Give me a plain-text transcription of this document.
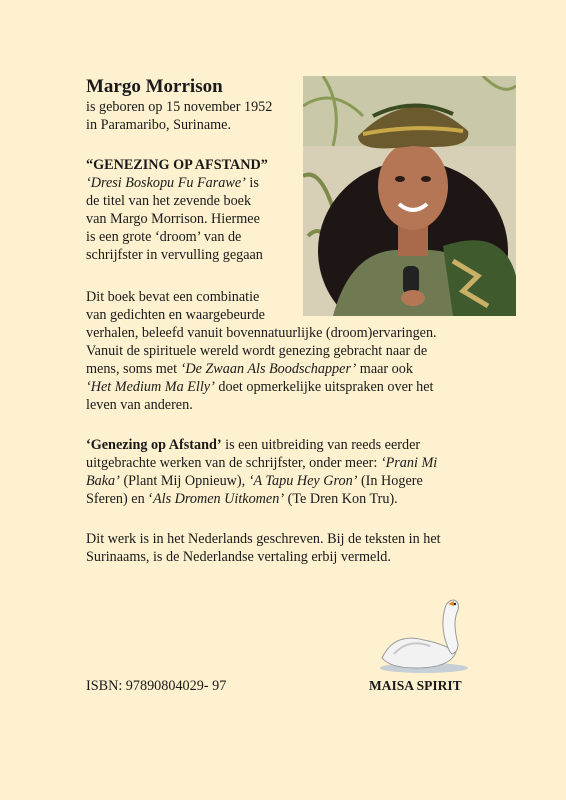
Margo Morrison

is geboren op 15 november 1952

in Paramaribo, Suriname.

“GENEZING OP AFSTAND”

‘Dresi Boskopu Fu Farawe’ is

de titel van het zevende boek

van Margo Morrison. Hiermee

is een grote ‘droom’ van de

schrijfster in vervulling gegaan

Dit boek bevat een combinatie

van gedichten en waargebeurde

verhalen, beleefd vanuit bovennatuurlijke (droom)ervaringen.

Vanuit de spirituele wereld wordt genezing gebracht naar de

mens, soms met ‘De Zwaan Als Boodschapper’ maar ook

‘Het Medium Ma Elly’ doet opmerkelijke uitspraken over het

leven van anderen.

‘Genezing op Afstand’ is een uitbreiding van reeds eerder

uitgebrachte werken van de schrijfster, onder meer: ‘Prani Mi

Baka’ (Plant Mij Opnieuw), ‘A Tapu Hey Gron’ (In Hogere

Sferen) en ‘Als Dromen Uitkomen’ (Te Dren Kon Tru).

Dit werk is in het Nederlands geschreven. Bij de teksten in het

Surinaams, is de Nederlandse vertaling erbij vermeld.

ISBN: 97890804029- 97	MAISA SPIRIT
